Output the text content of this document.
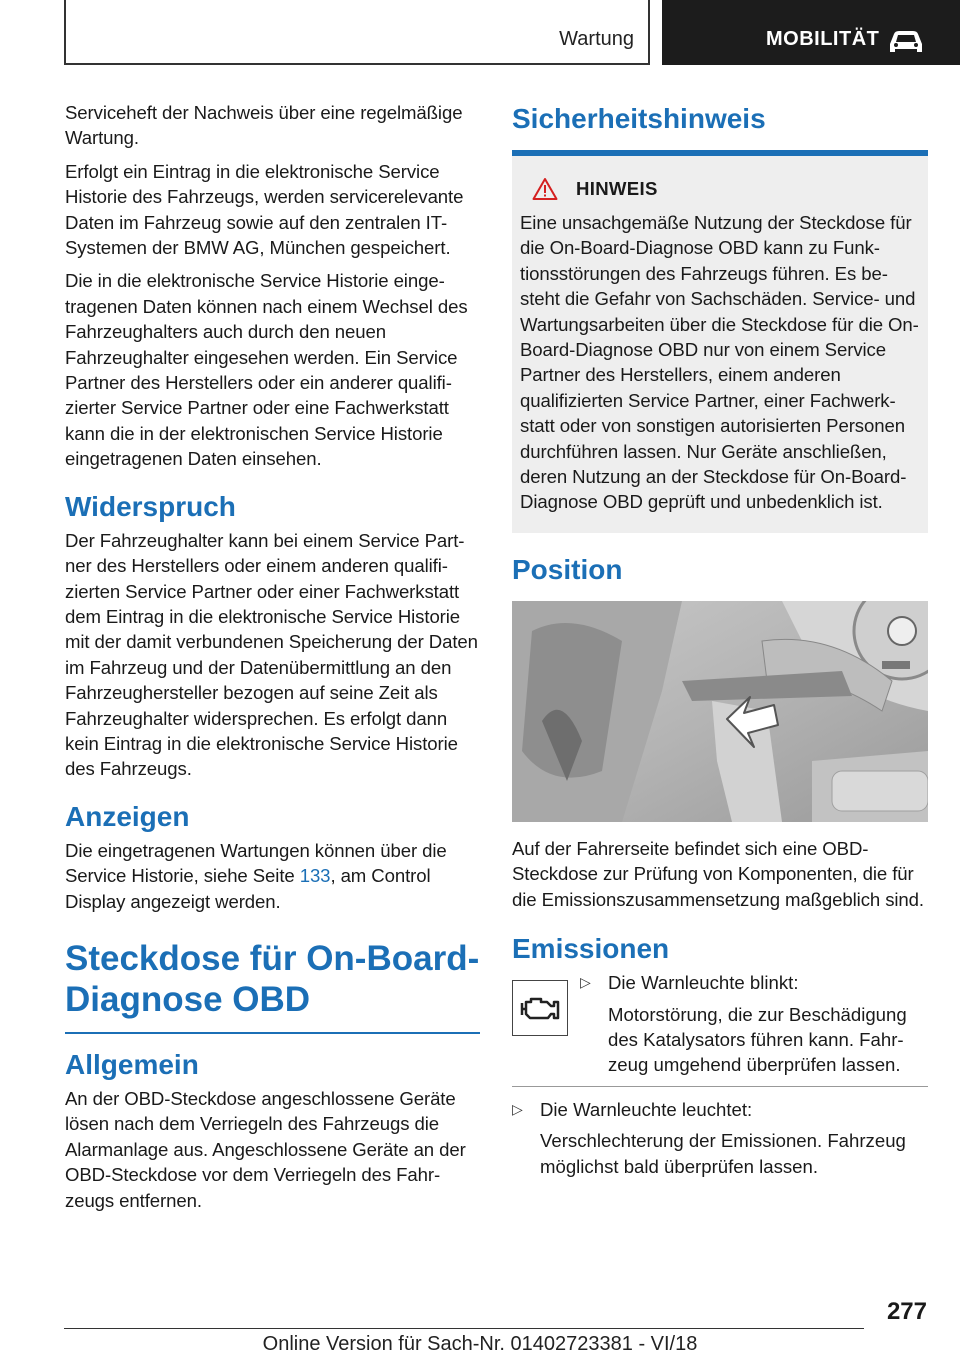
Wartung	MOBILITÄT

Serviceheft der Nachweis über eine regelmäßige Wartung.

Erfolgt ein Eintrag in die elektronische Service Historie des Fahrzeugs, werden servicerelevante Daten im Fahrzeug sowie auf den zentralen IT-Systemen der BMW AG, München gespeichert.

Die in die elektronische Service Historie eingetragenen Daten können nach einem Wechsel des Fahrzeughalters auch durch den neuen Fahrzeughalter eingesehen werden. Ein Service Partner des Herstellers oder ein anderer qualifizierter Service Partner oder eine Fachwerkstatt kann die in der elektronischen Service Historie eingetragenen Daten einsehen.

Widerspruch

Der Fahrzeughalter kann bei einem Service Partner des Herstellers oder einem anderen qualifizierten Service Partner oder einer Fachwerkstatt dem Eintrag in die elektronische Service Historie mit der damit verbundenen Speicherung der Daten im Fahrzeug und der Datenübermittlung an den Fahrzeughersteller bezogen auf seine Zeit als Fahrzeughalter widersprechen. Es erfolgt dann kein Eintrag in die elektronische Service Historie des Fahrzeugs.

Anzeigen

Die eingetragenen Wartungen können über die Service Historie, siehe Seite 133, am Control Display angezeigt werden.

Steckdose für On-Board-
Diagnose OBD
Allgemein

An der OBD-Steckdose angeschlossene Geräte lösen nach dem Verriegeln des Fahrzeugs die Alarmanlage aus. Angeschlossene Geräte an der OBD-Steckdose vor dem Verriegeln des Fahrzeugs entfernen.

Sicherheitshinweis
HINWEIS

Eine unsachgemäße Nutzung der Steckdose für die On-Board-Diagnose OBD kann zu Funktionsstörungen des Fahrzeugs führen. Es besteht die Gefahr von Sachschäden. Service- und Wartungsarbeiten über die Steckdose für die On-Board-Diagnose OBD nur von einem Service Partner des Herstellers, einem anderen qualifizierten Service Partner, einer Fachwerkstatt oder von sonstigen autorisierten Personen durchführen lassen. Nur Geräte anschließen, deren Nutzung an der Steckdose für On-Board-Diagnose OBD geprüft und unbedenklich ist.

Position

Auf der Fahrerseite befindet sich eine OBD-Steckdose zur Prüfung von Komponenten, die für die Emissionszusammensetzung maßgeblich sind.

Emissionen
▷ Die Warnleuchte blinkt:
Motorstörung, die zur Beschädigung des Katalysators führen kann. Fahrzeug umgehend überprüfen lassen.
▷ Die Warnleuchte leuchtet:
Verschlechterung der Emissionen. Fahrzeug möglichst bald überprüfen lassen.
277
Online Version für Sach-Nr. 01402723381 - VI/18
